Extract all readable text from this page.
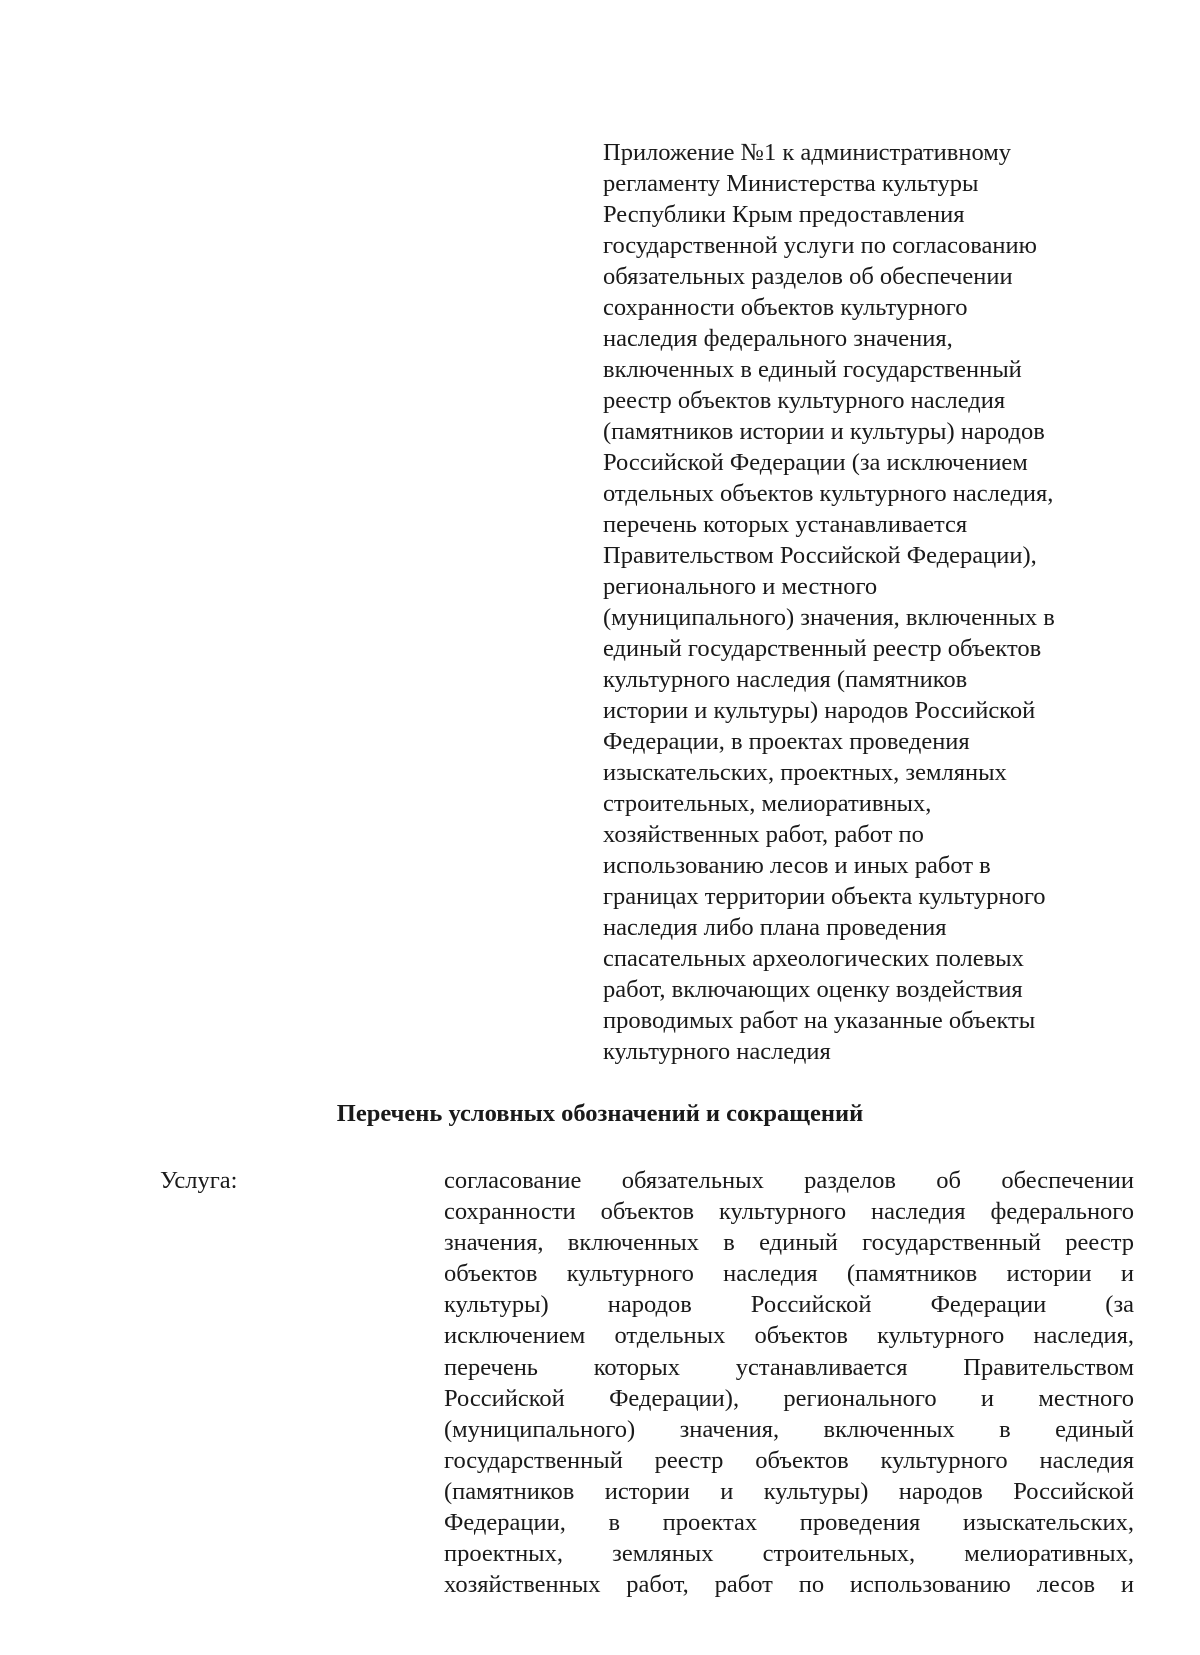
Приложение №1 к административному
регламенту Министерства культуры
Республики Крым предоставления
государственной услуги по согласованию
обязательных разделов об обеспечении
сохранности объектов культурного
наследия федерального значения,
включенных в единый государственный
реестр объектов культурного наследия
(памятников истории и культуры) народов
Российской Федерации (за исключением
отдельных объектов культурного наследия,
перечень которых устанавливается
Правительством Российской Федерации),
регионального и местного
(муниципального) значения, включенных в
единый государственный реестр объектов
культурного наследия (памятников
истории и культуры) народов Российской
Федерации, в проектах проведения
изыскательских, проектных, земляных
строительных, мелиоративных,
хозяйственных работ, работ по
использованию лесов и иных работ в
границах территории объекта культурного
наследия либо плана проведения
спасательных археологических полевых
работ, включающих оценку воздействия
проводимых работ на указанные объекты
культурного наследия
Перечень условных обозначений и сокращений
Услуга:	согласование обязательных разделов об обеспечении
сохранности объектов культурного наследия федерального
значения, включенных в единый государственный реестр
объектов культурного наследия (памятников истории и
культуры) народов Российской Федерации (за
исключением отдельных объектов культурного наследия,
перечень которых устанавливается Правительством
Российской Федерации), регионального и местного
(муниципального) значения, включенных в единый
государственный реестр объектов культурного наследия
(памятников истории и культуры) народов Российской
Федерации, в проектах проведения изыскательских,
проектных, земляных строительных, мелиоративных,
хозяйственных работ, работ по использованию лесов и
